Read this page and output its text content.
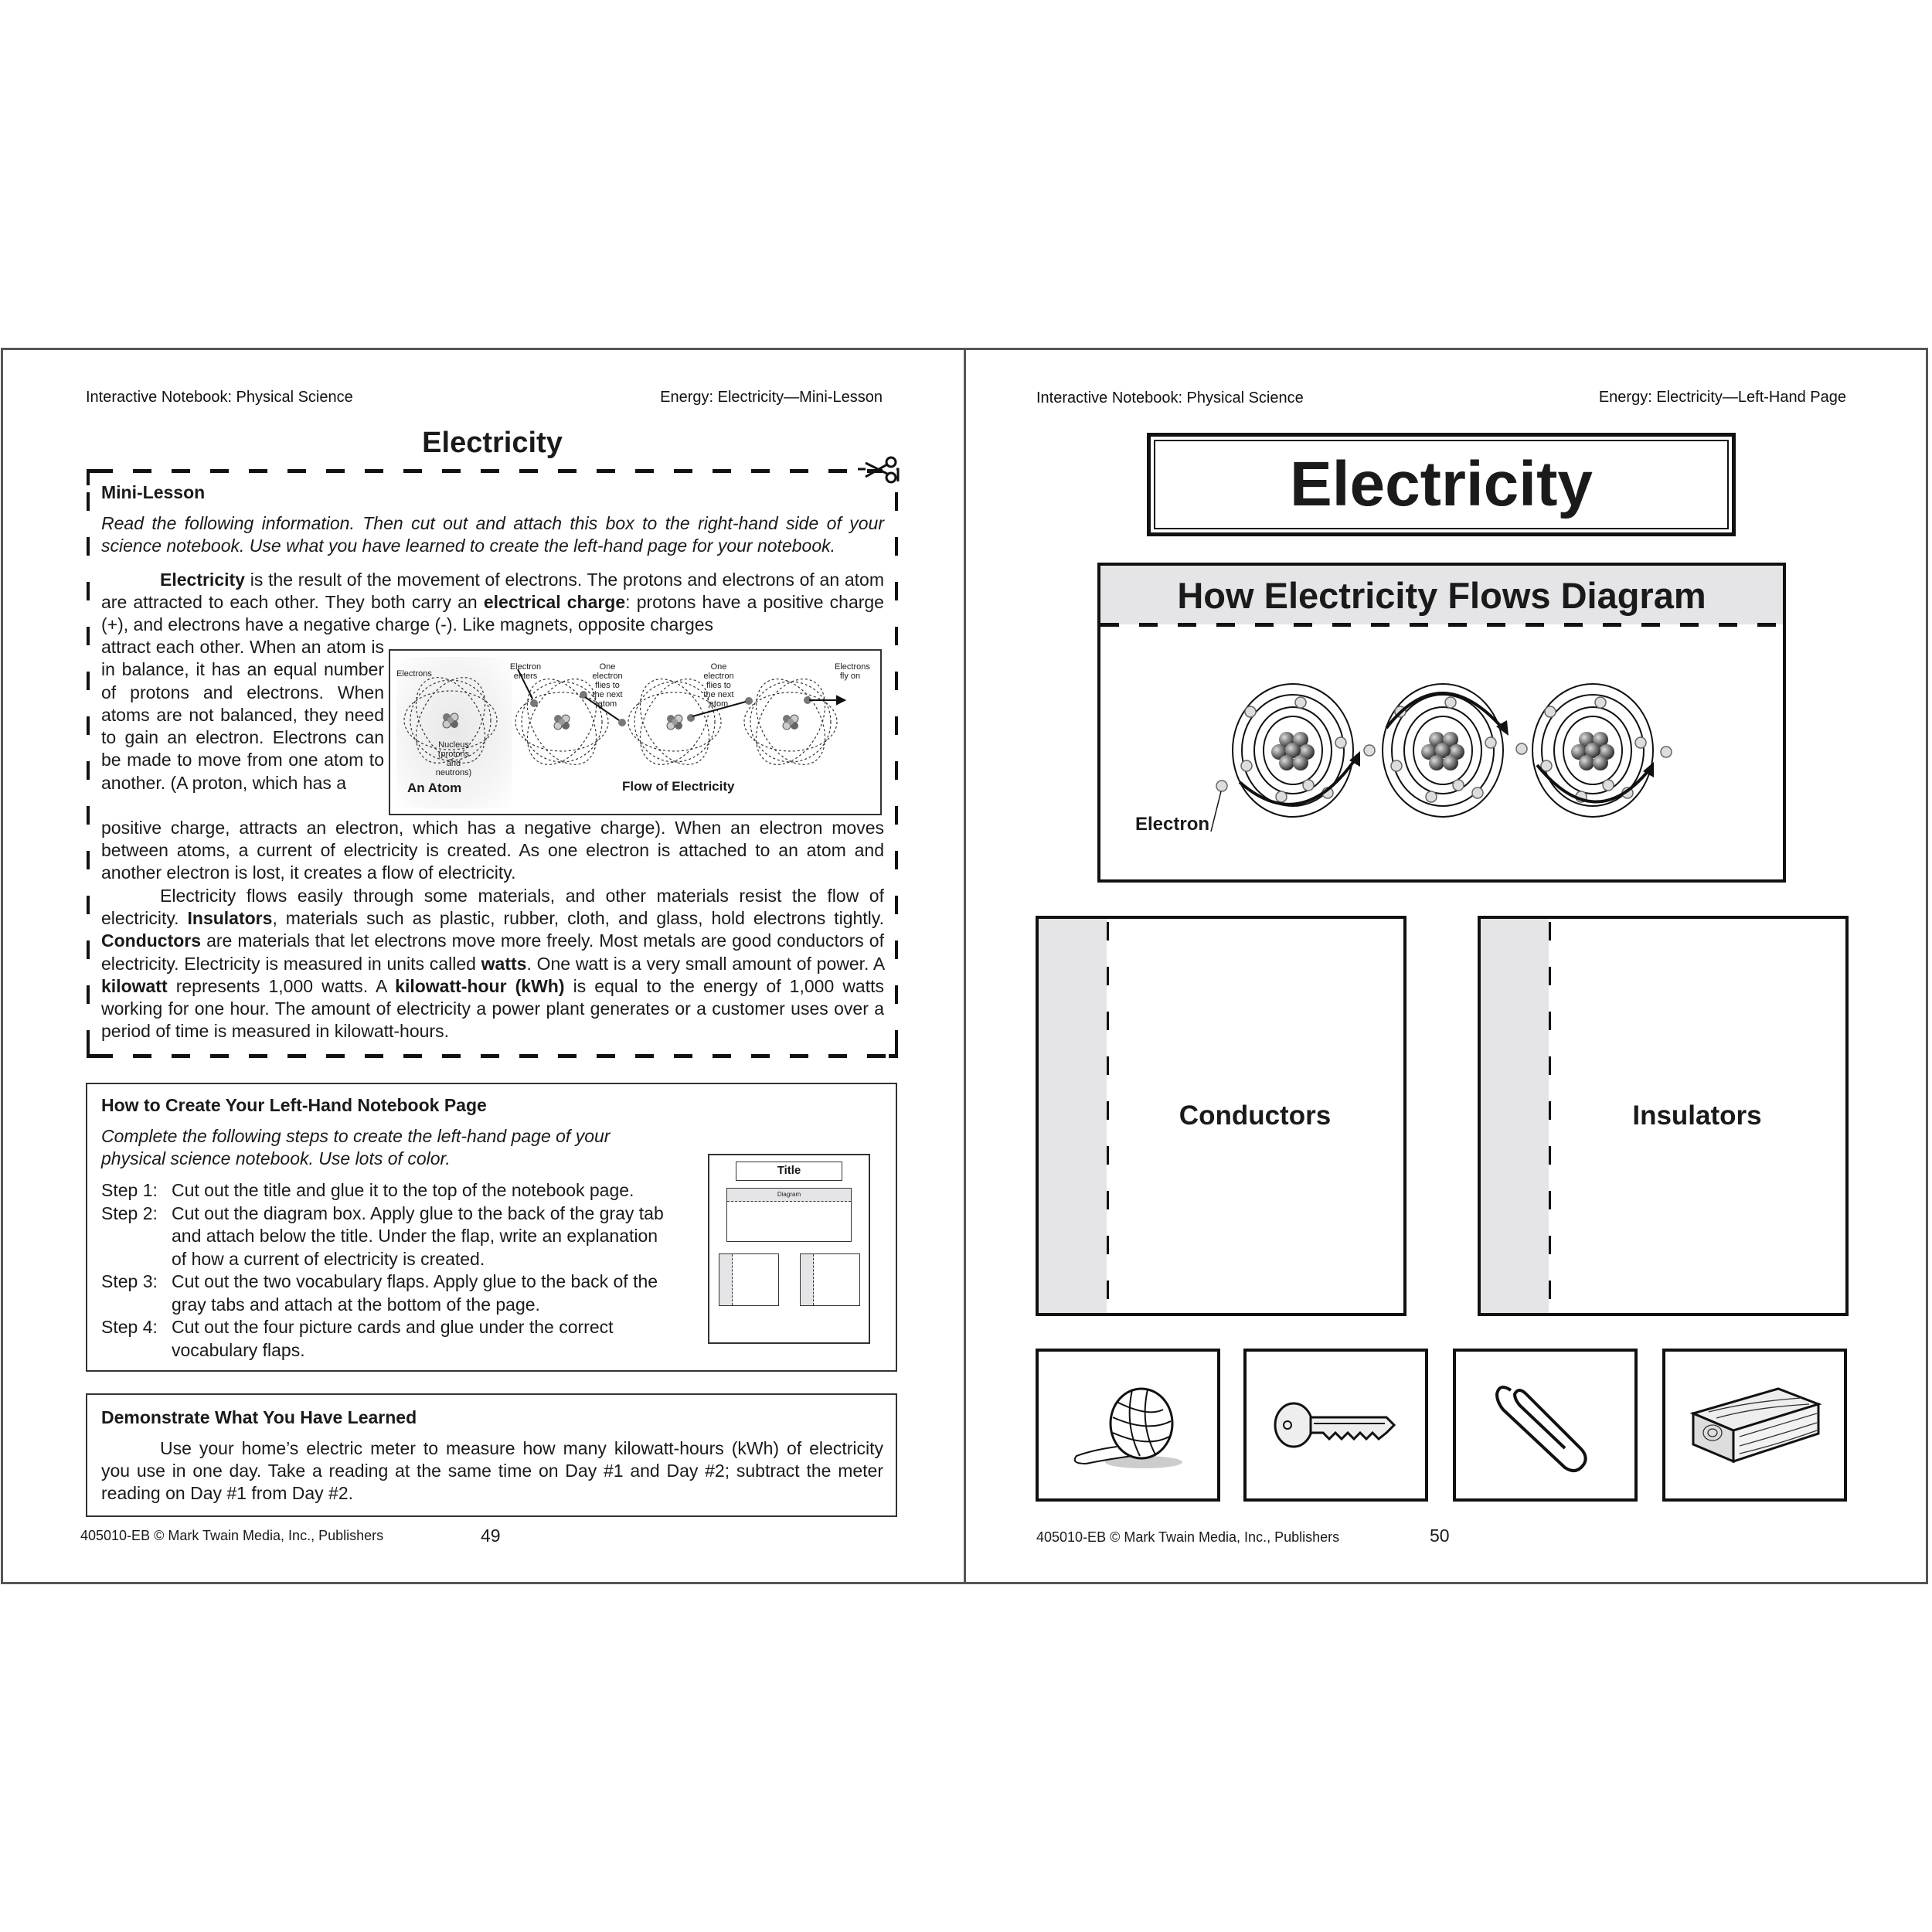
Interactive Notebook: Physical Science	Energy: Electricity—Mini-Lesson
Electricity
Mini-Lesson
Read the following information. Then cut out and attach this box to the right-hand side of your science notebook. Use what you have learned to create the left-hand page for your notebook.
Electricity is the result of the movement of electrons. The protons and electrons of an atom are attracted to each other. They both carry an electrical charge: protons have a positive charge (+), and electrons have a negative charge (-). Like magnets, opposite charges
attract each other. When an atom is in balance, it has an equal number of protons and electrons. When atoms are not balanced, they need to gain an electron. Electrons can be made to move from one atom to another. (A proton, which has a
positive charge, attracts an electron, which has a negative charge). When an electron moves between atoms, a current of electricity is created. As one electron is attached to an atom and another electron is lost, it creates a flow of electricity.
Electricity flows easily through some materials, and other materials resist the flow of electricity. Insulators, materials such as plastic, rubber, cloth, and glass, hold electrons tightly. Conductors are materials that let electrons move more freely. Most metals are good conductors of electricity. Electricity is measured in units called watts. One watt is a very small amount of power. A kilowatt represents 1,000 watts. A kilowatt-hour (kWh) is equal to the energy of 1,000 watts working for one hour. The amount of electricity a power plant generates or a customer uses over a period of time is measured in kilowatt-hours.
Electrons
Nucleus (protons and neutrons)
Electron enters
One electron flies to the next atom
One electron flies to the next atom
Electrons fly on
An Atom	Flow of Electricity
How to Create Your Left-Hand Notebook Page
Complete the following steps to create the left-hand page of your physical science notebook. Use lots of color.
Step 1: Cut out the title and glue it to the top of the notebook page.
Step 2: Cut out the diagram box. Apply glue to the back of the gray tab and attach below the title. Under the flap, write an explanation of how a current of electricity is created.
Step 3: Cut out the two vocabulary flaps. Apply glue to the back of the gray tabs and attach at the bottom of the page.
Step 4: Cut out the four picture cards and glue under the correct vocabulary flaps.
Title
Diagram
Demonstrate What You Have Learned
Use your home’s electric meter to measure how many kilowatt-hours (kWh) of electricity you use in one day. Take a reading at the same time on Day #1 and Day #2; subtract the meter reading on Day #1 from Day #2.
405010-EB © Mark Twain Media, Inc., Publishers	49
Interactive Notebook: Physical Science	Energy: Electricity—Left-Hand Page
Electricity
How Electricity Flows Diagram
Electron
Conductors	Insulators
405010-EB © Mark Twain Media, Inc., Publishers	50
